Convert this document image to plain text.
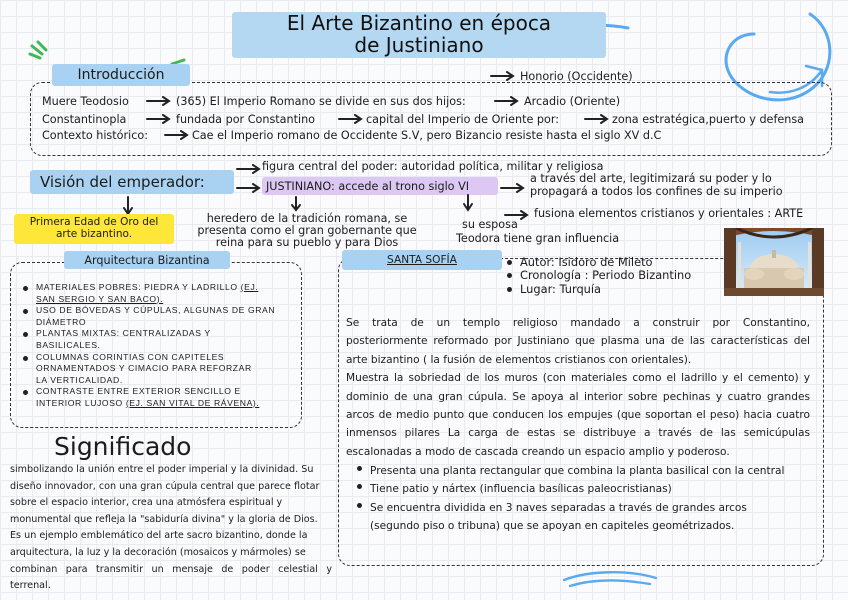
El Arte Bizantino en época
de Justiniano
Introducción	Honorio (Occidente)
Muere Teodosio	(365) El Imperio Romano se divide en sus dos hijos:	Arcadio (Oriente)
Constantinopla	fundada por Constantino	capital del Imperio de Oriente por:	zona estratégica,puerto y defensa
Contexto histórico:	Cae el Imperio romano de Occidente S.V, pero Bizancio resiste hasta el siglo XV d.C
Visión del emperador:
figura central del poder: autoridad política, militar y religiosa
JUSTINIANO: accede al trono siglo VI
a través del arte, legitimizará su poder y lo
propagará a todos los confines de su imperio
Primera Edad de Oro del
arte bizantino.
heredero de la tradición romana, se
presenta como el gran gobernante que
reina para su pueblo y para Dios
su esposa
fusiona elementos cristianos y orientales : ARTE
Teodora tiene gran influencia
Arquitectura Bizantina
MATERIALES POBRES: PIEDRA Y LADRILLO (EJ.
SAN SERGIO Y SAN BACO).
USO DE BÓVEDAS Y CÚPULAS, ALGUNAS DE GRAN
DIÁMETRO
PLANTAS MIXTAS: CENTRALIZADAS Y
BASILICALES.
COLUMNAS CORINTIAS CON CAPITELES
ORNAMENTADOS Y CIMACIO PARA REFORZAR
LA VERTICALIDAD.
CONTRASTE ENTRE EXTERIOR SENCILLO E
INTERIOR LUJOSO (EJ. SAN VITAL DE RÁVENA).
Significado
simbolizando la unión entre el poder imperial y la divinidad. Su
diseño innovador, con una gran cúpula central que parece flotar
sobre el espacio interior, crea una atmósfera espiritual y
monumental que refleja la "sabiduría divina" y la gloria de Dios.
Es un ejemplo emblemático del arte sacro bizantino, donde la
arquitectura, la luz y la decoración (mosaicos y mármoles) se
combinan para transmitir un mensaje de poder celestial y terrenal.
SANTA SOFÍA	Autor: Isidoro de Mileto
Cronología : Periodo Bizantino
Lugar: Turquía
Se trata de un templo religioso mandado a construir por Constantino,
posteriormente reformado por Justiniano que plasma una de las características del
arte bizantino ( la fusión de elementos cristianos con orientales).
Muestra la sobriedad de los muros (con materiales como el ladrillo y el cemento) y
dominio de una gran cúpula. Se apoya al interior sobre pechinas y cuatro grandes
arcos de medio punto que conducen los empujes (que soportan el peso) hacia cuatro
inmensos pilares La carga de estas se distribuye a través de las semicúpulas
escalonadas a modo de cascada creando un espacio amplio y poderoso.
Presenta una planta rectangular que combina la planta basilical con la central
Tiene patio y nártex (influencia basílicas paleocristianas)
Se encuentra dividida en 3 naves separadas a través de grandes arcos
(segundo piso o tribuna) que se apoyan en capiteles geométrizados.
